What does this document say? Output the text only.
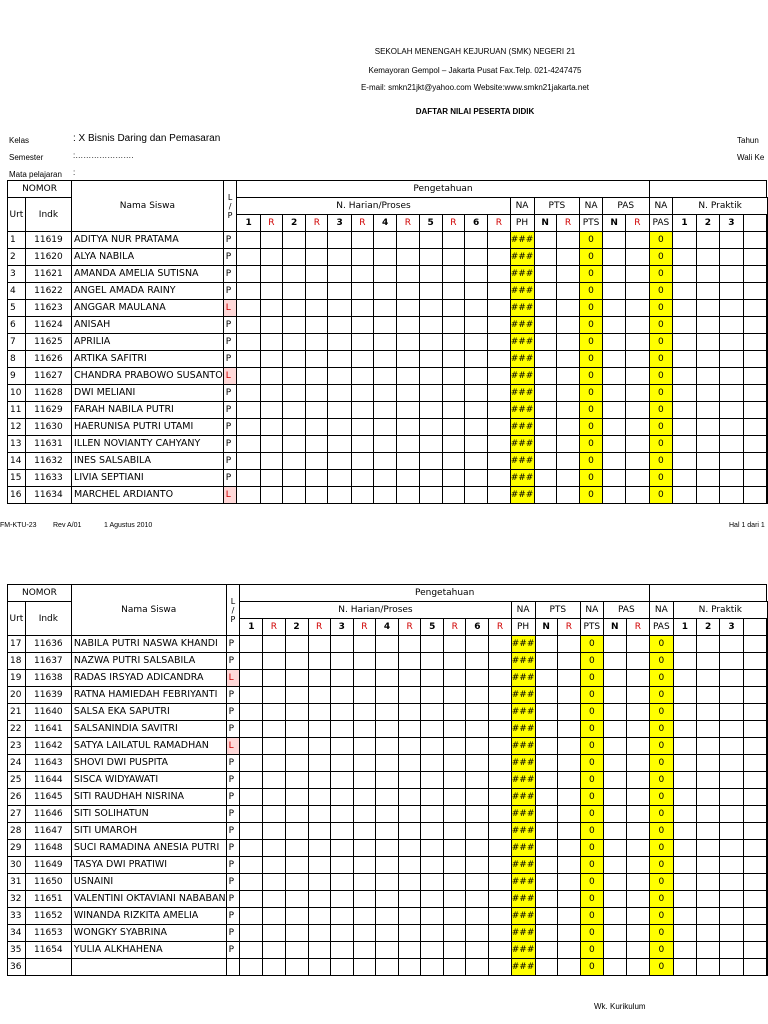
SEKOLAH MENENGAH KEJURUAN (SMK) NEGERI 21
Kemayoran Gempol – Jakarta Pusat Fax.Telp. 021-4247475
E-mail: smkn21jkt@yahoo.com Website:www.smkn21jakarta.net
DAFTAR NILAI PESERTA DIDIK
Kelas	: X Bisnis Daring dan Pemasaran
Semester	:………………….
Mata pelajaran :
Tahun
Wali Ke
NOMOR		Nama Siswa	L
/
P	Pengetahuan																							
Urt	Indk			N. Harian/Proses												NA	PTS		NA	PAS		NA	N. Praktik				
				1	R	2	R	3	R	4	R	5	R	6	R	PH	N	R	PTS	N	R	PAS	1	2	3		
1	11619	ADITYA NUR PRATAMA	P													###			0			0					
2	11620	ALYA NABILA	P													###			0			0					
3	11621	AMANDA AMELIA SUTISNA	P													###			0			0					
4	11622	ANGEL AMADA RAINY	P													###			0			0					
5	11623	ANGGAR MAULANA	L													###			0			0					
6	11624	ANISAH	P													###			0			0					
7	11625	APRILIA	P													###			0			0					
8	11626	ARTIKA SAFITRI	P													###			0			0					
9	11627	CHANDRA PRABOWO SUSANTO	L													###			0			0					
10	11628	DWI MELIANI	P													###			0			0					
11	11629	FARAH NABILA PUTRI	P													###			0			0					
12	11630	HAERUNISA PUTRI UTAMI	P													###			0			0					
13	11631	ILLEN NOVIANTY CAHYANY	P													###			0			0					
14	11632	INES SALSABILA	P													###			0			0					
15	11633	LIVIA SEPTIANI	P													###			0			0					
16	11634	MARCHEL ARDIANTO	L													###			0			0					
FM-KTU-23 Rev A/01	1 Agustus 2010	Hal 1 dari 1
NOMOR		Nama Siswa	L
/
P	Pengetahuan																							
Urt	Indk			N. Harian/Proses												NA	PTS		NA	PAS		NA	N. Praktik				
				1	R	2	R	3	R	4	R	5	R	6	R	PH	N	R	PTS	N	R	PAS	1	2	3		
17	11636	NABILA PUTRI NASWA KHANDI	P													###			0			0					
18	11637	NAZWA PUTRI SALSABILA	P													###			0			0					
19	11638	RADAS IRSYAD ADICANDRA	L													###			0			0					
20	11639	RATNA HAMIEDAH FEBRIYANTI	P													###			0			0					
21	11640	SALSA EKA SAPUTRI	P													###			0			0					
22	11641	SALSANINDIA SAVITRI	P													###			0			0					
23	11642	SATYA LAILATUL RAMADHAN	L													###			0			0					
24	11643	SHOVI DWI PUSPITA	P													###			0			0					
25	11644	SISCA WIDYAWATI	P													###			0			0					
26	11645	SITI RAUDHAH NISRINA	P													###			0			0					
27	11646	SITI SOLIHATUN	P													###			0			0					
28	11647	SITI UMAROH	P													###			0			0					
29	11648	SUCI RAMADINA ANESIA PUTRI	P													###			0			0					
30	11649	TASYA DWI PRATIWI	P													###			0			0					
31	11650	USNAINI	P													###			0			0					
32	11651	VALENTINI OKTAVIANI NABABAN	P													###			0			0					
33	11652	WINANDA RIZKITA AMELIA	P													###			0			0					
34	11653	WONGKY SYABRINA	P													###			0			0					
35	11654	YULIA ALKHAHENA	P													###			0			0					
36																###			0			0					
Wk. Kurikulum
